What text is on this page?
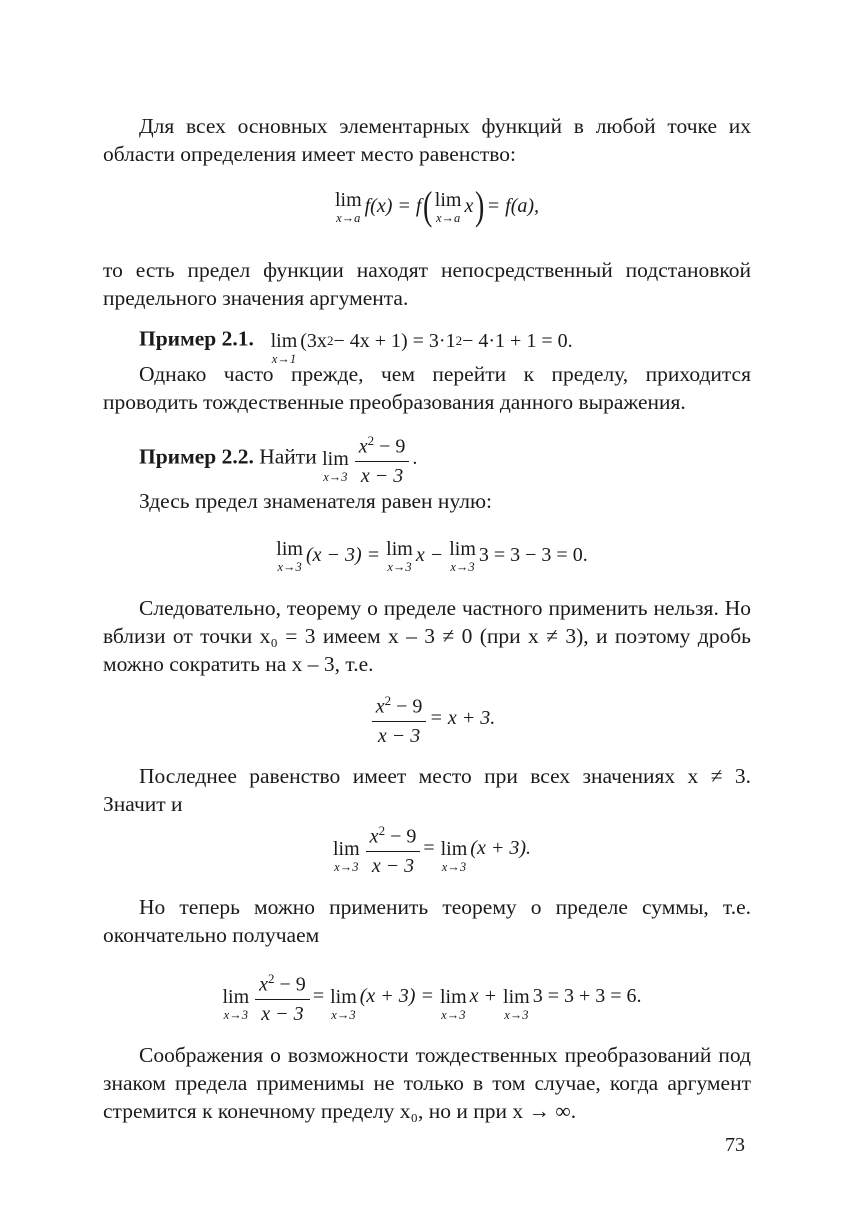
Для всех основных элементарных функций в любой точке их области определения имеет место равенство:
lim
x→a
f(x) = f ( lim
x→a
x ) = f(a),
то есть предел функции находят непосредственный подстановкой предельного значения аргумента.
Пример 2.1. lim
x→1
(3x 2 − 4x + 1) = 3·1 2 − 4·1 + 1 = 0.
Однако часто прежде, чем перейти к пределу, приходится проводить тождественные преобразования данного выражения.
Пример 2.2. Найти lim
$x\to 3 \frac{x^2 - 9}{x - 3}$ .
Здесь предел знаменателя равен нулю:
lim
x→3
(x − 3) = lim
x→3
x − lim
x→3
3 = 3 − 3 = 0.
Следовательно, теорему о пределе частного применить нельзя. Но вблизи от точки x₀ = 3 имеем x – 3 ≠ 0 (при x ≠ 3), и поэтому дробь можно сократить на x – 3, т.е.
$\frac{x^2 - 9}{x - 3} = x + 3$.
Последнее равенство имеет место при всех значениях x ≠ 3. Значит и
lim
$x\to 3 \frac{x^2 - 9}{x - 3} = \lim$
x→3
(x + 3).
Но теперь можно применить теорему о пределе суммы, т.е. окончательно получаем
lim
$x\to 3 \frac{x^2 - 9}{x - 3} = \lim$
x→3
(x + 3) = lim
x→3
x + lim
x→3
3 = 3 + 3 = 6.
Соображения о возможности тождественных преобразований под знаком предела применимы не только в том случае, когда аргумент стремится к конечному пределу x₀, но и при x → ∞.
73
